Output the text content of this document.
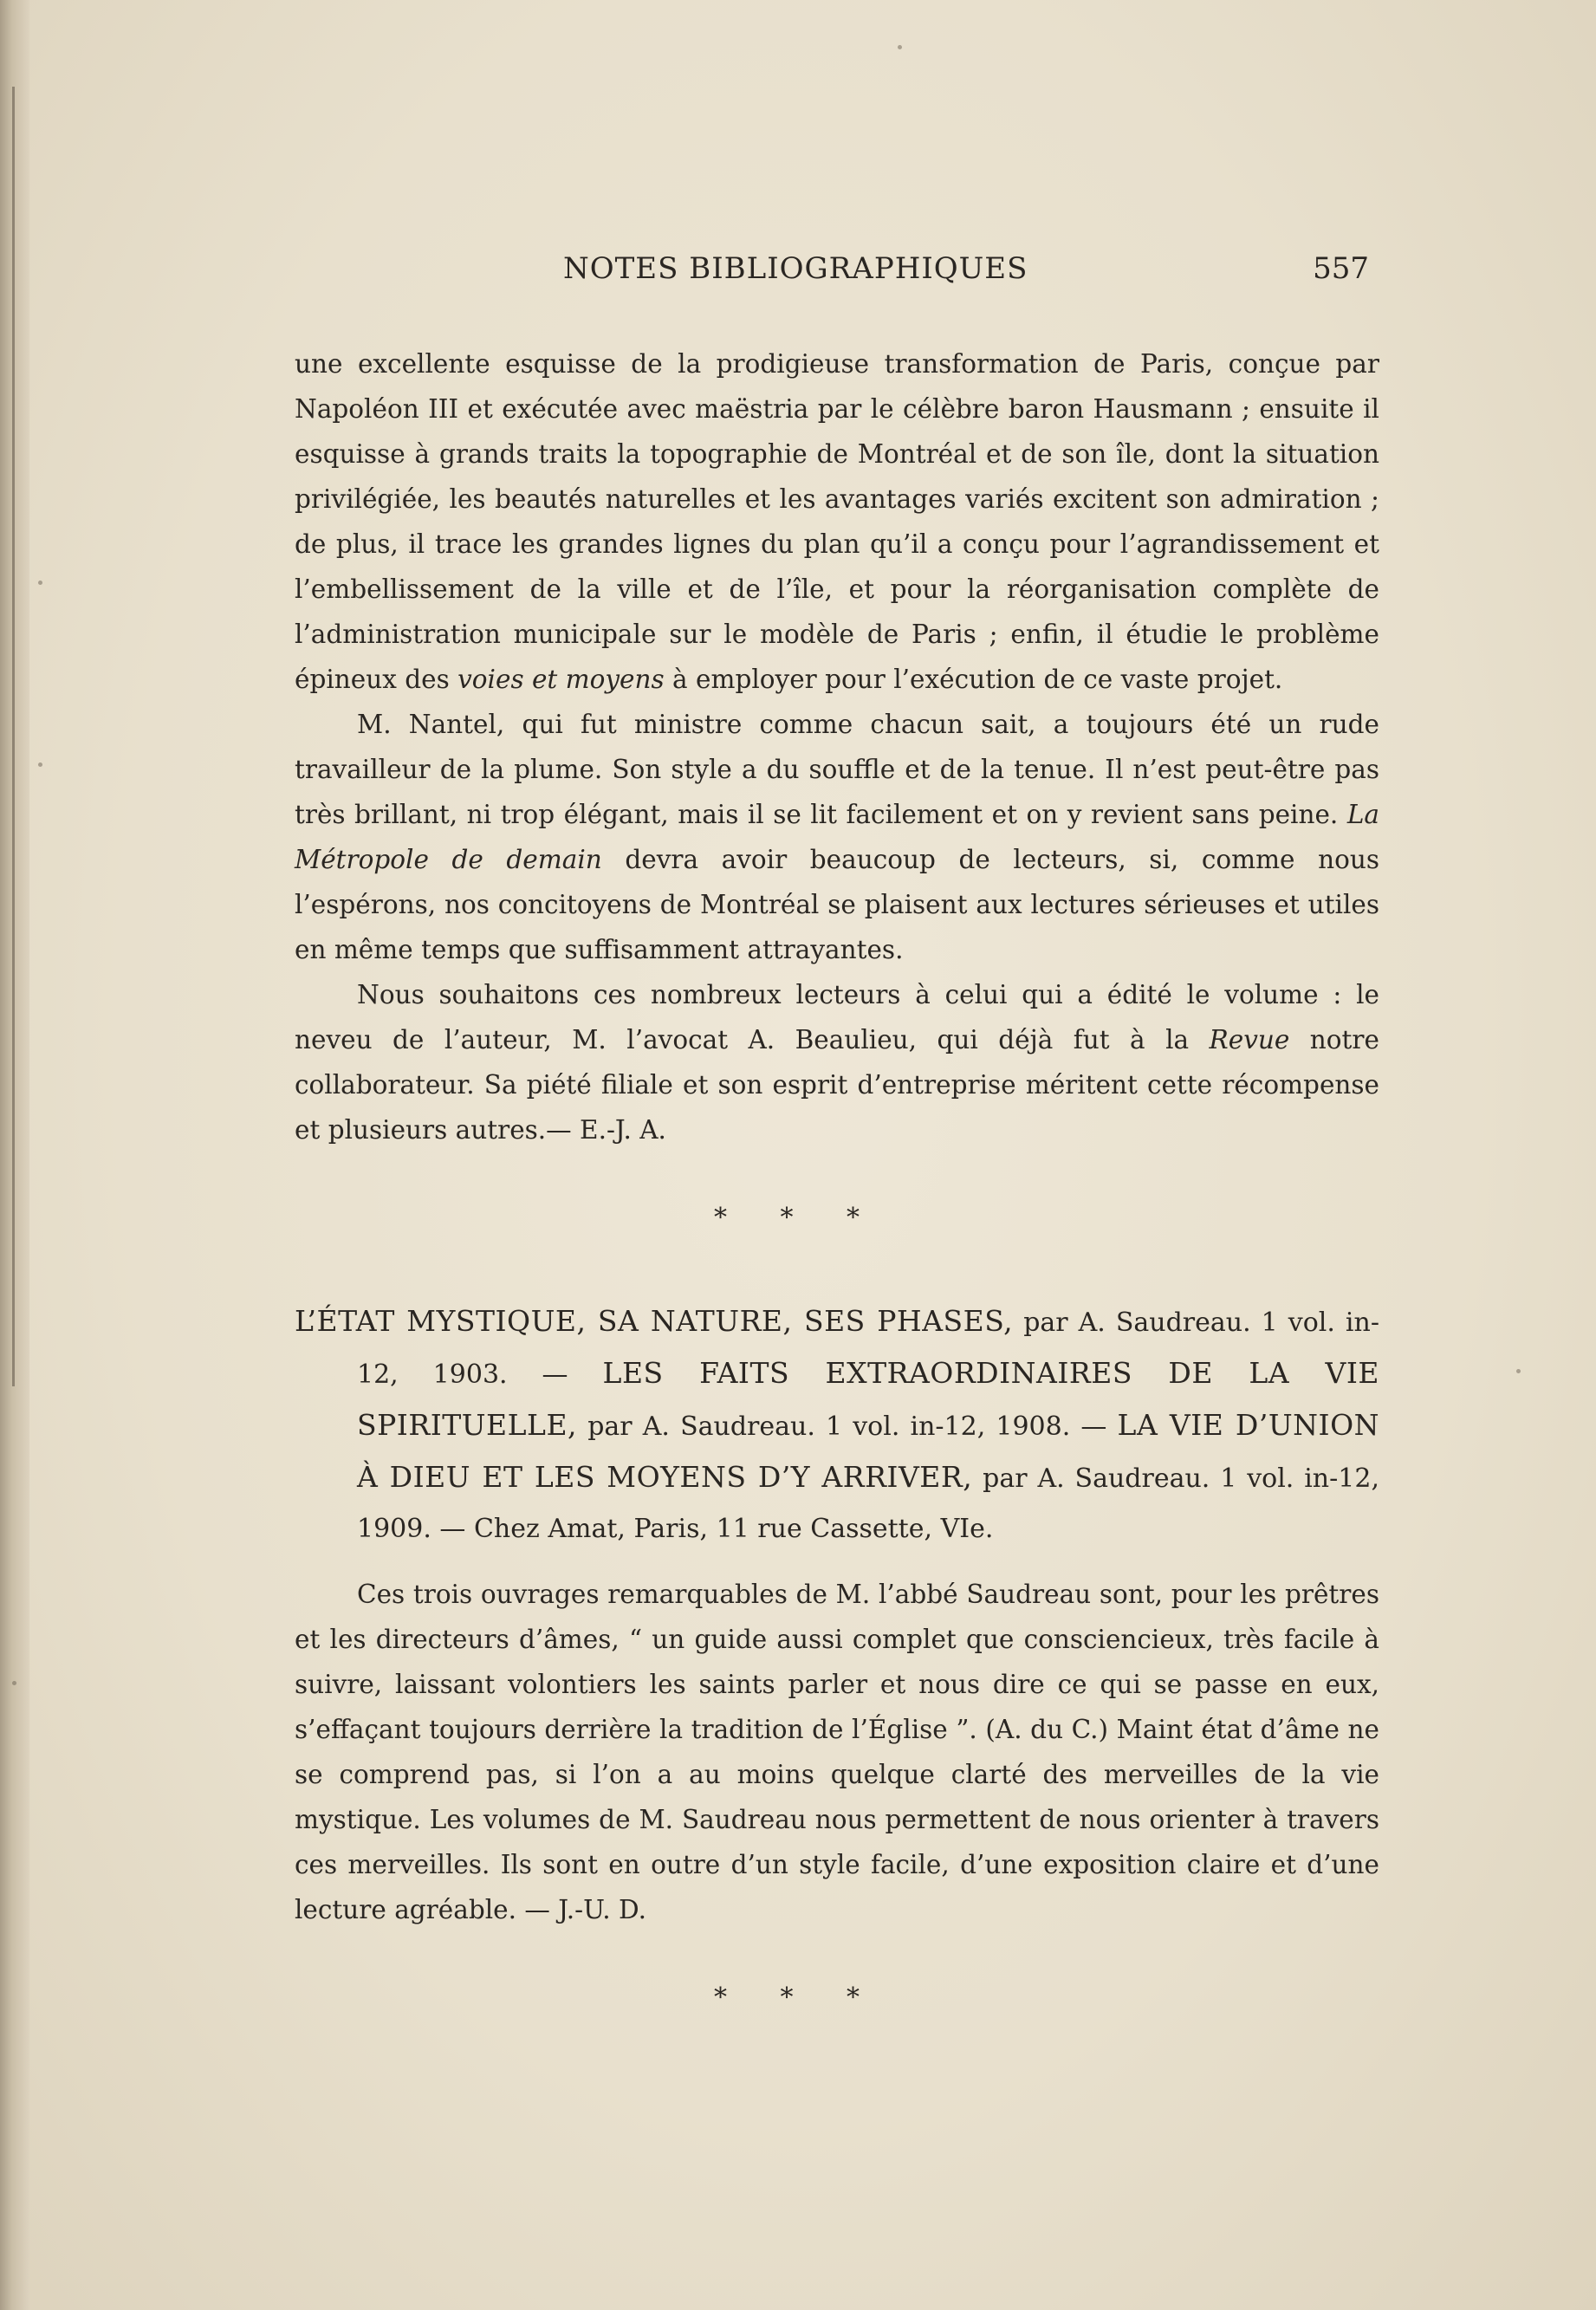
NOTES BIBLIOGRAPHIQUES	557

une excellente esquisse de la prodigieuse transformation de Paris, conçue par Napoléon III et exécutée avec maëstria par le célèbre baron Hausmann ; ensuite il esquisse à grands traits la topographie de Montréal et de son île, dont la situation privilégiée, les beautés naturelles et les avantages variés excitent son admiration ; de plus, il trace les grandes lignes du plan qu’il a conçu pour l’agrandissement et l’embellissement de la ville et de l’île, et pour la réorganisation complète de l’administration municipale sur le modèle de Paris ; enfin, il étudie le problème épineux des voies et moyens à employer pour l’exécution de ce vaste projet.

M. Nantel, qui fut ministre comme chacun sait, a toujours été un rude travailleur de la plume. Son style a du souffle et de la tenue. Il n’est peut-être pas très brillant, ni trop élégant, mais il se lit facilement et on y revient sans peine. La Métropole de demain devra avoir beaucoup de lecteurs, si, comme nous l’espérons, nos concitoyens de Montréal se plaisent aux lectures sérieuses et utiles en même temps que suffisamment attrayantes.

Nous souhaitons ces nombreux lecteurs à celui qui a édité le volume : le neveu de l’auteur, M. l’avocat A. Beaulieu, qui déjà fut à la Revue notre collaborateur. Sa piété filiale et son esprit d’entreprise méritent cette récompense et plusieurs autres.— E.-J. A.

* * *
L’ÉTAT MYSTIQUE, SA NATURE, SES PHASES, par A. Saudreau. 1 vol. in-12, 1903. — LES FAITS EXTRAORDINAIRES DE LA VIE SPIRITUELLE, par A. Saudreau. 1 vol. in-12, 1908. — LA VIE D’UNION À DIEU ET LES MOYENS D’Y ARRIVER, par A. Saudreau. 1 vol. in-12, 1909. — Chez Amat, Paris, 11 rue Cassette, VIe.

Ces trois ouvrages remarquables de M. l’abbé Saudreau sont, pour les prêtres et les directeurs d’âmes, “ un guide aussi complet que consciencieux, très facile à suivre, laissant volontiers les saints parler et nous dire ce qui se passe en eux, s’effaçant toujours derrière la tradition de l’Église ”. (A. du C.) Maint état d’âme ne se comprend pas, si l’on a au moins quelque clarté des merveilles de la vie mystique. Les volumes de M. Saudreau nous permettent de nous orienter à travers ces merveilles. Ils sont en outre d’un style facile, d’une exposition claire et d’une lecture agréable. — J.-U. D.

* * *
